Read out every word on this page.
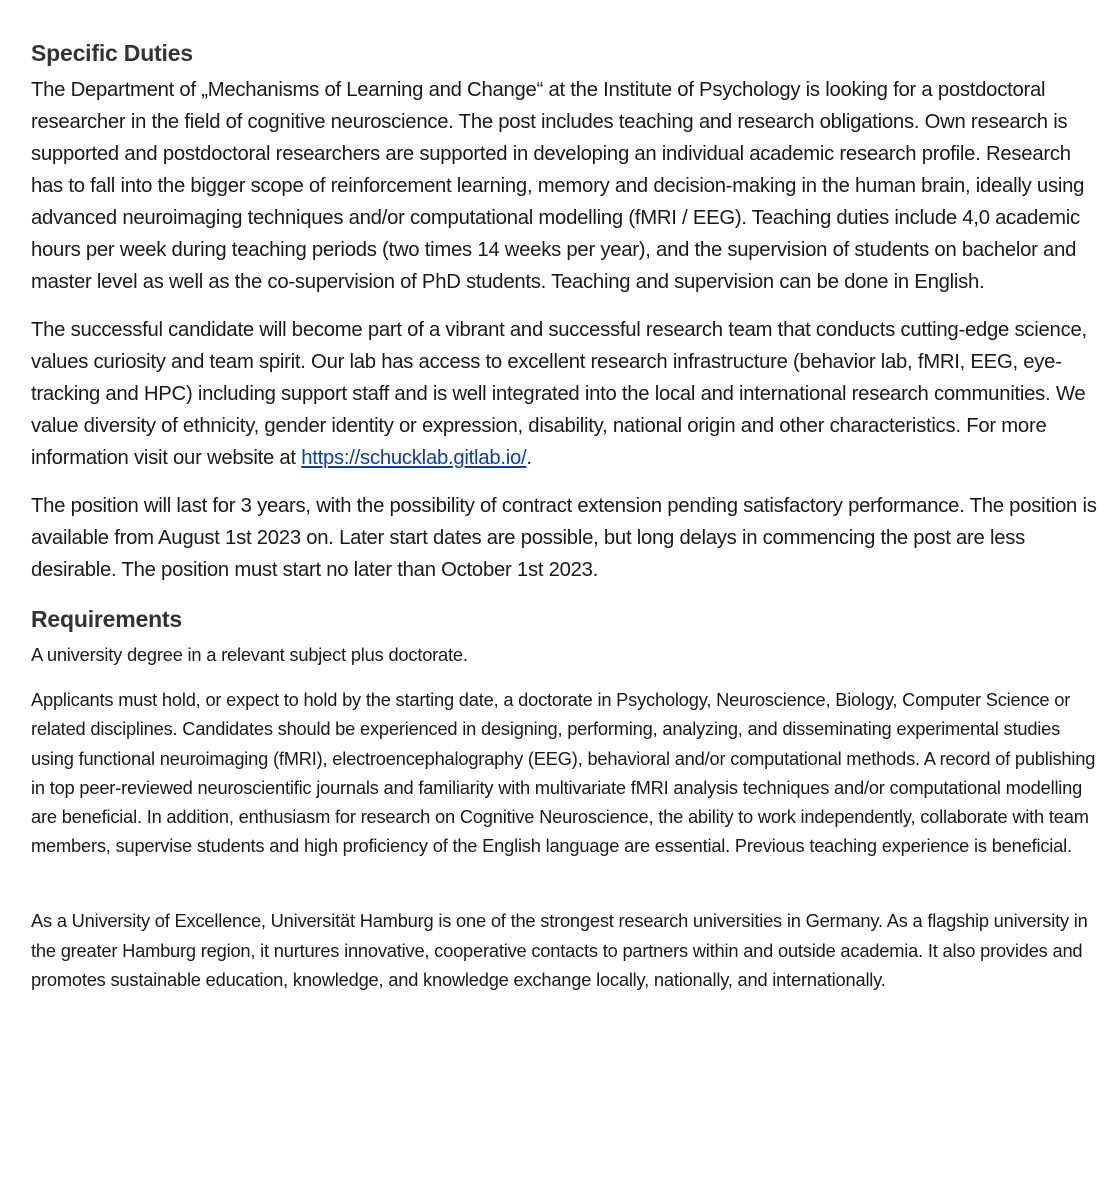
Specific Duties

The Department of „Mechanisms of Learning and Change“ at the Institute of Psychology is looking for a postdoctoral researcher in the field of cognitive neuroscience. The post includes teaching and research obligations. Own research is supported and postdoctoral researchers are supported in developing an individual academic research profile. Research has to fall into the bigger scope of reinforcement learning, memory and decision-making in the human brain, ideally using advanced neuroimaging techniques and/or computational modelling (fMRI / EEG). Teaching duties include 4,0 academic hours per week during teaching periods (two times 14 weeks per year), and the supervision of students on bachelor and master level as well as the co-supervision of PhD students. Teaching and supervision can be done in English.

The successful candidate will become part of a vibrant and successful research team that conducts cutting-edge science, values curiosity and team spirit. Our lab has access to excellent research infrastructure (behavior lab, fMRI, EEG, eye-tracking and HPC) including support staff and is well integrated into the local and international research communities. We value diversity of ethnicity, gender identity or expression, disability, national origin and other characteristics. For more information visit our website at https://schucklab.gitlab.io/.

The position will last for 3 years, with the possibility of contract extension pending satisfactory performance. The position is available from August 1st 2023 on. Later start dates are possible, but long delays in commencing the post are less desirable. The position must start no later than October 1st 2023.

Requirements

A university degree in a relevant subject plus doctorate.

Applicants must hold, or expect to hold by the starting date, a doctorate in Psychology, Neuroscience, Biology, Computer Science or related disciplines. Candidates should be experienced in designing, performing, analyzing, and disseminating experimental studies using functional neuroimaging (fMRI), electroencephalography (EEG), behavioral and/or computational methods. A record of publishing in top peer-reviewed neuroscientific journals and familiarity with multivariate fMRI analysis techniques and/or computational modelling are beneficial. In addition, enthusiasm for research on Cognitive Neuroscience, the ability to work independently, collaborate with team members, supervise students and high proficiency of the English language are essential. Previous teaching experience is beneficial.

As a University of Excellence, Universität Hamburg is one of the strongest research universities in Germany. As a flagship university in the greater Hamburg region, it nurtures innovative, cooperative contacts to partners within and outside academia. It also provides and promotes sustainable education, knowledge, and knowledge exchange locally, nationally, and internationally.
